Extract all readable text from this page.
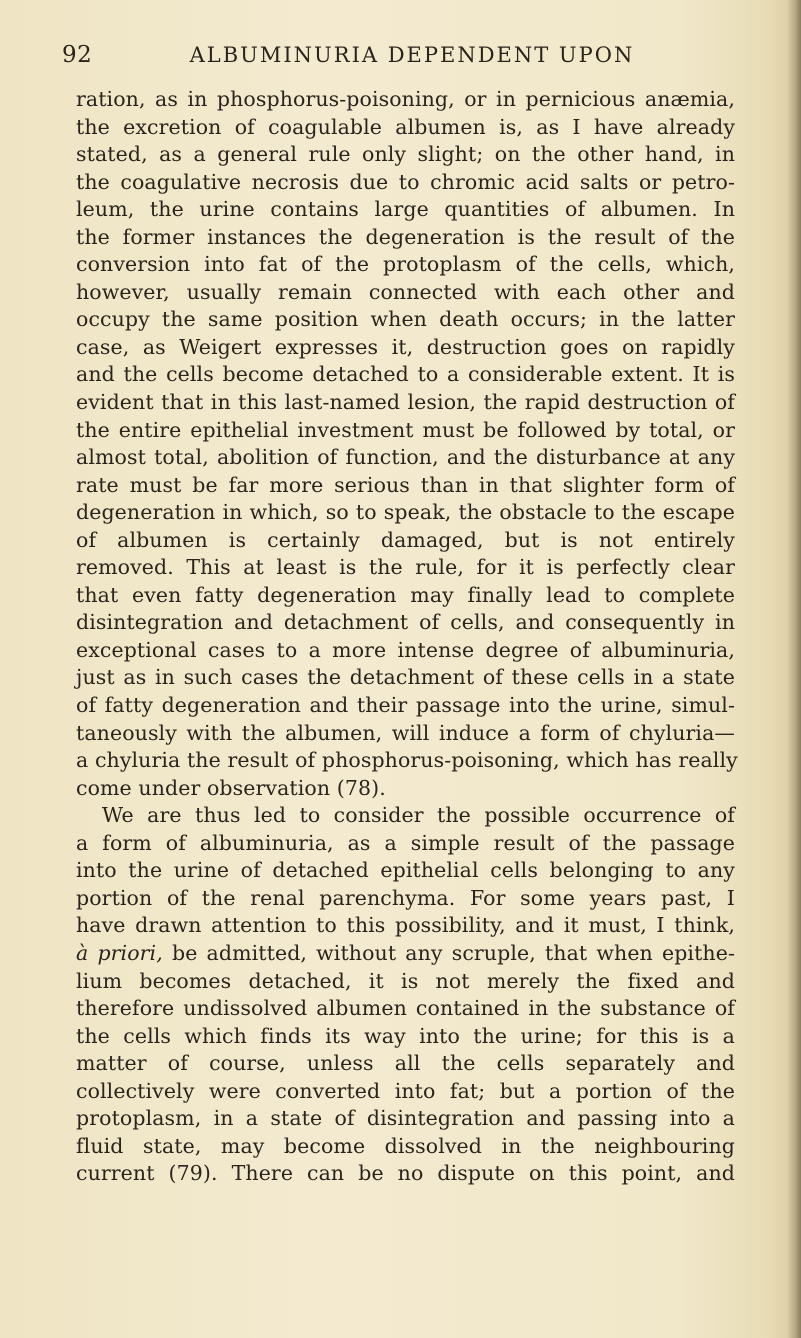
92	ALBUMINURIA DEPENDENT UPON
ration, as in phosphorus-poisoning, or in pernicious anæmia,
the excretion of coagulable albumen is, as I have already
stated, as a general rule only slight; on the other hand, in
the coagulative necrosis due to chromic acid salts or petro-
leum, the urine contains large quantities of albumen. In
the former instances the degeneration is the result of the
conversion into fat of the protoplasm of the cells, which,
however, usually remain connected with each other and
occupy the same position when death occurs; in the latter
case, as Weigert expresses it, destruction goes on rapidly
and the cells become detached to a considerable extent. It is
evident that in this last-named lesion, the rapid destruction of
the entire epithelial investment must be followed by total, or
almost total, abolition of function, and the disturbance at any
rate must be far more serious than in that slighter form of
degeneration in which, so to speak, the obstacle to the escape
of albumen is certainly damaged, but is not entirely
removed. This at least is the rule, for it is perfectly clear
that even fatty degeneration may finally lead to complete
disintegration and detachment of cells, and consequently in
exceptional cases to a more intense degree of albuminuria,
just as in such cases the detachment of these cells in a state
of fatty degeneration and their passage into the urine, simul-
taneously with the albumen, will induce a form of chyluria—
a chyluria the result of phosphorus-poisoning, which has really
come under observation (78).
We are thus led to consider the possible occurrence of
a form of albuminuria, as a simple result of the passage
into the urine of detached epithelial cells belonging to any
portion of the renal parenchyma. For some years past, I
have drawn attention to this possibility, and it must, I think,
à priori, be admitted, without any scruple, that when epithe-
lium becomes detached, it is not merely the fixed and
therefore undissolved albumen contained in the substance of
the cells which finds its way into the urine; for this is a
matter of course, unless all the cells separately and
collectively were converted into fat; but a portion of the
protoplasm, in a state of disintegration and passing into a
fluid state, may become dissolved in the neighbouring
current (79). There can be no dispute on this point, and
